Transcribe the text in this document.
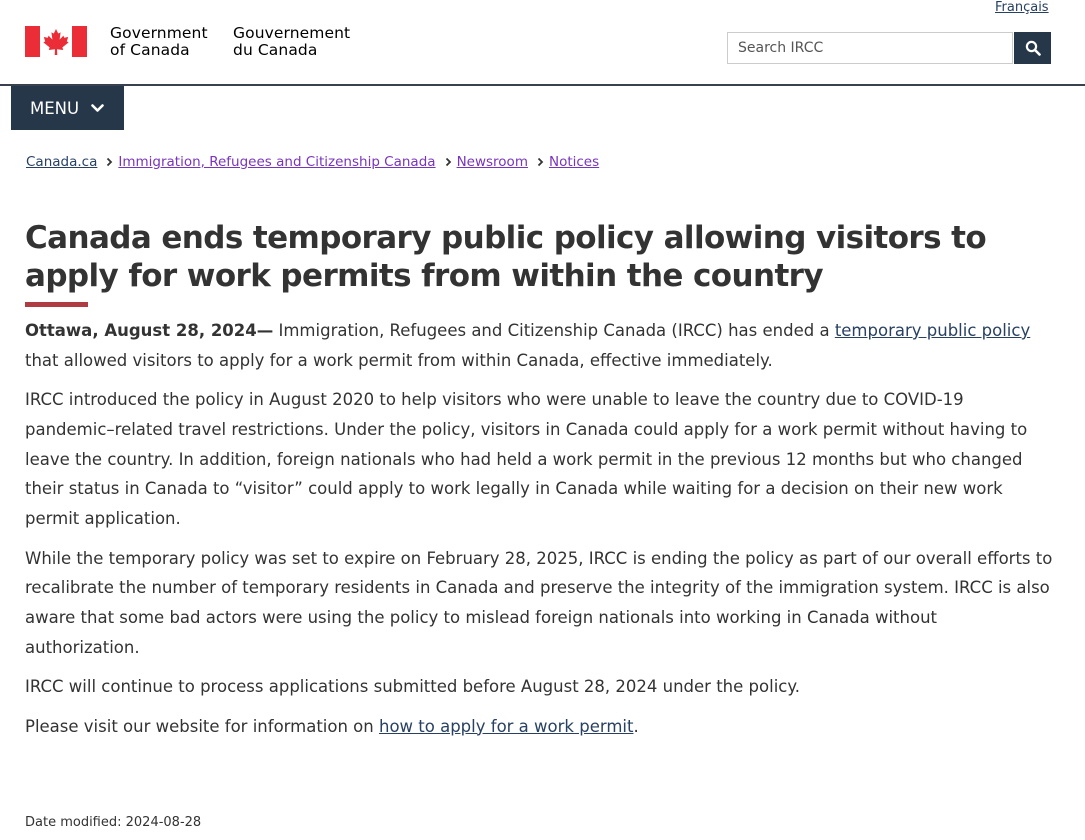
Français
Government
of Canada
Gouvernement
du Canada
Search IRCC
MENU
Canada.ca Immigration, Refugees and Citizenship Canada Newsroom Notices
Canada ends temporary public policy allowing visitors to apply for work permits from within the country

Ottawa, August 28, 2024— Immigration, Refugees and Citizenship Canada (IRCC) has ended a temporary public policy that allowed visitors to apply for a work permit from within Canada, effective immediately.

IRCC introduced the policy in August 2020 to help visitors who were unable to leave the country due to COVID-19 pandemic–related travel restrictions. Under the policy, visitors in Canada could apply for a work permit without having to leave the country. In addition, foreign nationals who had held a work permit in the previous 12 months but who changed their status in Canada to “visitor” could apply to work legally in Canada while waiting for a decision on their new work permit application.

While the temporary policy was set to expire on February 28, 2025, IRCC is ending the policy as part of our overall efforts to recalibrate the number of temporary residents in Canada and preserve the integrity of the immigration system. IRCC is also aware that some bad actors were using the policy to mislead foreign nationals into working in Canada without authorization.

IRCC will continue to process applications submitted before August 28, 2024 under the policy.

Please visit our website for information on how to apply for a work permit.

Date modified: 2024-08-28
